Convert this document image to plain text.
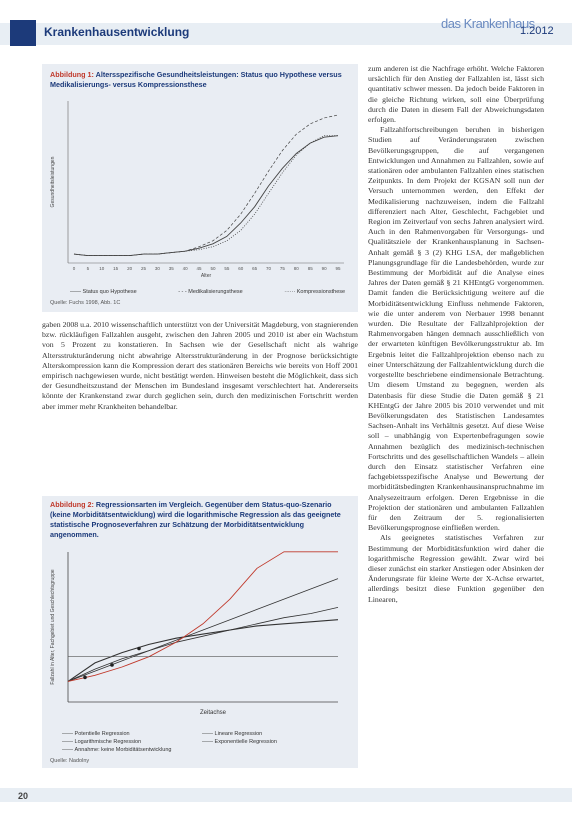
Krankenhausentwicklung
das Krankenhaus
1.2012
Abbildung 1: Altersspezifische Gesundheitsleistungen: Status quo Hypothese versus Medikalisierungs- versus Kompressionsthese
Gesundheitsleistungen
Alter
0	5 10 15 20 25 30 35 40 45 50 55 60 65 70 75 80 85 90 95
—— Status quo Hypothese	- - - Medikalisierungsthese	······ Kompressionsthese
Quelle: Fuchs 1998, Abb. 1C

zum anderen ist die Nachfrage erhöht. Welche Faktoren ursächlich für den Anstieg der Fallzahlen ist, lässt sich quantitativ schwer messen. Da jedoch beide Faktoren in die gleiche Richtung wirken, soll eine Überprüfung durch die Daten in diesem Fall der Abweichungsdaten erfolgen.

Fallzahlfortschreibungen beruhen in bisherigen Studien auf Veränderungsraten zwischen Bevölkerungsgruppen, die auf vergangenen Entwicklungen und Annahmen zu Fallzahlen, sowie auf stationären oder ambulanten Fallzahlen eines statischen Zeitpunkts. In dem Projekt der KGSAN soll nun der Versuch unternommen werden, den Effekt der Medikalisierung nachzuweisen, indem die Fallzahl differenziert nach Alter, Geschlecht, Fachgebiet und Region im Zeitverlauf von sechs Jahren analysiert wird. Auch in den Rahmenvorgaben für Versorgungs- und Qualitätsziele der Krankenhausplanung in Sachsen-Anhalt gemäß § 3 (2) KHG LSA, der maßgeblichen Planungsgrundlage für die Landesbehörden, wurde zur Bestimmung der Morbidität auf die Analyse eines Jahres der Daten gemäß § 21 KHEntgG vorgenommen. Damit fanden die Berücksichtigung weitere auf die Morbiditätsentwicklung Einfluss nehmende Faktoren, wie die unter anderem von Nerbauer 1998 benannt wurden. Die Resultate der Fallzahlprojektion der Rahmenvorgaben hängen demnach ausschließlich von der erwarteten künftigen Bevölkerungsstruktur ab. Im Ergebnis leitet die Fallzahlprojektion ebenso nach zu einer Unterschätzung der Fallzahlentwicklung durch die vorgestellte beschriebene eindimensionale Betrachtung. Um diesem Umstand zu begegnen, werden als Datenbasis für diese Studie die Daten gemäß § 21 KHEntgG der Jahre 2005 bis 2010 verwendet und mit Bevölkerungsdaten des Statistischen Landesamtes Sachsen-Anhalt ins Verhältnis gesetzt. Auf diese Weise soll – unabhängig von Expertenbefragungen sowie Annahmen bezüglich des medizinisch-technischen Fortschritts und des gesellschaftlichen Wandels – allein durch den Einsatz statistischer Verfahren eine fachgebietsspezifische Analyse und Bewertung der morbiditätsbedingten Krankenhausinanspruchnahme im Analysezeitraum erfolgen. Deren Ergebnisse in die Projektion der stationären und ambulanten Fallzahlen für den Zeitraum der 5. regionalisierten Bevölkerungsprognose einfließen werden.

Als geeignetes statistisches Verfahren zur Bestimmung der Morbiditätsfunktion wird daher die logarithmische Regression gewählt. Zwar wird bei dieser zunächst ein starker Anstiegen oder Absinken der Änderungsrate für kleine Werte der X-Achse erwartet, allerdings besitzt diese Funktion gegenüber den Linearen,

gaben 2008 u.a. 2010 wissenschaftlich unterstützt von der Universität Magdeburg, von stagnierenden bzw. rückläufigen Fallzahlen ausgeht, zwischen den Jahren 2005 und 2010 ist aber ein Wachstum von 5 Prozent zu konstatieren. In Sachsen wie der Gesellschaft nicht als wahrige Altersstrukturänderung nicht abwahrige Altersstrukturänderung in der Prognose berücksichtigte Alterskompression kann die Kompression derart des stationären Bereichs wie bereits von Hoff 2001 empirisch nachgewiesen wurde, nicht bestätigt werden. Hinweisen besteht die Möglichkeit, dass sich der Gesundheitszustand der Menschen im Bundesland insgesamt verschlechtert hat. Andererseits könnte der Krankenstand zwar durch geglichen sein, durch den medizinischen Fortschritt werden aber immer mehr Krankheiten behandelbar.

Abbildung 2: Regressionsarten im Vergleich. Gegenüber dem Status-quo-Szenario (keine Morbiditätsentwicklung) wird die logarithmische Regression als das geeignete statistische Prognoseverfahren zur Schätzung der Morbiditätsentwicklung angenommen.
Fallzahl in Alter, Fachgebiet und Geschlechtsgruppe
Zeitachse
—— Potentielle Regression	—— Lineare Regression
—— Logarithmische Regression	—— Exponentielle Regression
—— Annahme: keine Morbiditätsentwicklung
Quelle: Nadolny
20
